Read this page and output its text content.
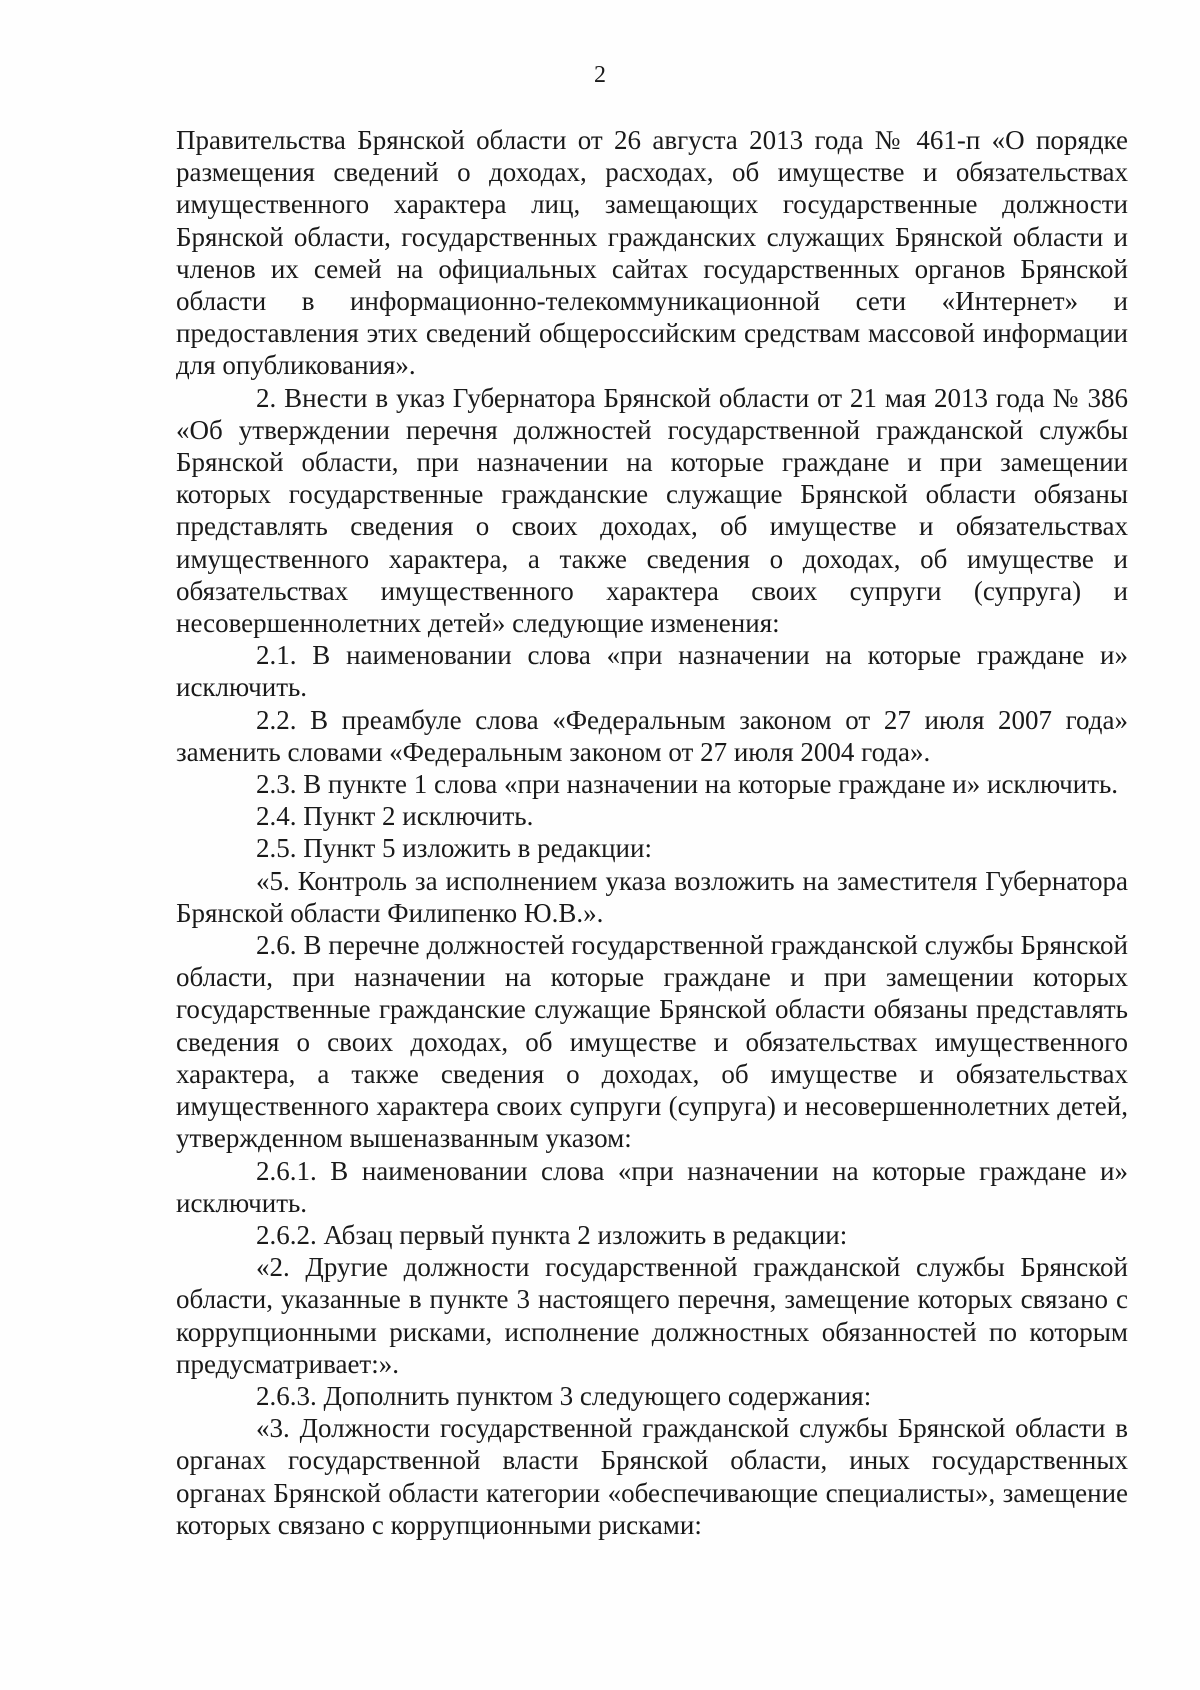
2

Правительства Брянской области от 26 августа 2013 года № 461-п «О порядке размещения сведений о доходах, расходах, об имуществе и обязательствах имущественного характера лиц, замещающих государственные должности Брянской области, государственных гражданских служащих Брянской области и членов их семей на официальных сайтах государственных органов Брянской области в информационно-телекоммуникационной сети «Интернет» и предоставления этих сведений общероссийским средствам массовой информации для опубликования».

2. Внести в указ Губернатора Брянской области от 21 мая 2013 года № 386 «Об утверждении перечня должностей государственной гражданской службы Брянской области, при назначении на которые граждане и при замещении которых государственные гражданские служащие Брянской области обязаны представлять сведения о своих доходах, об имуществе и обязательствах имущественного характера, а также сведения о доходах, об имуществе и обязательствах имущественного характера своих супруги (супруга) и несовершеннолетних детей» следующие изменения:

2.1. В наименовании слова «при назначении на которые граждане и» исключить.

2.2. В преамбуле слова «Федеральным законом от 27 июля 2007 года» заменить словами «Федеральным законом от 27 июля 2004 года».

2.3. В пункте 1 слова «при назначении на которые граждане и» исключить.

2.4. Пункт 2 исключить.

2.5. Пункт 5 изложить в редакции:

«5. Контроль за исполнением указа возложить на заместителя Губернатора Брянской области Филипенко Ю.В.».

2.6. В перечне должностей государственной гражданской службы Брянской области, при назначении на которые граждане и при замещении которых государственные гражданские служащие Брянской области обязаны представлять сведения о своих доходах, об имуществе и обязательствах имущественного характера, а также сведения о доходах, об имуществе и обязательствах имущественного характера своих супруги (супруга) и несовершеннолетних детей, утвержденном вышеназванным указом:

2.6.1. В наименовании слова «при назначении на которые граждане и» исключить.

2.6.2. Абзац первый пункта 2 изложить в редакции:

«2. Другие должности государственной гражданской службы Брянской области, указанные в пункте 3 настоящего перечня, замещение которых связано с коррупционными рисками, исполнение должностных обязанностей по которым предусматривает:».

2.6.3. Дополнить пунктом 3 следующего содержания:

«3. Должности государственной гражданской службы Брянской области в органах государственной власти Брянской области, иных государственных органах Брянской области категории «обеспечивающие специалисты», замещение которых связано с коррупционными рисками:
